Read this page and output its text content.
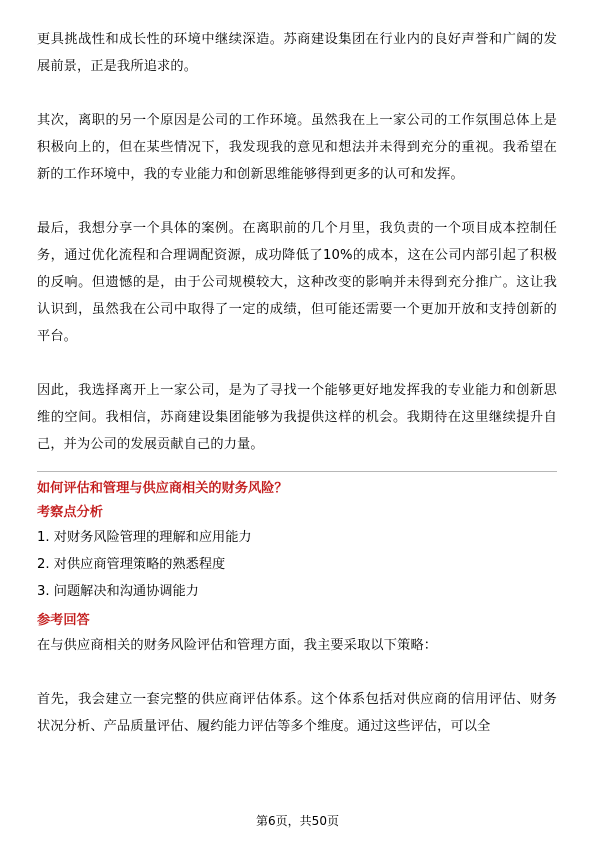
更具挑战性和成长性的环境中继续深造。苏商建设集团在行业内的良好声誉和广阔的发展前景，正是我所追求的。

其次，离职的另一个原因是公司的工作环境。虽然我在上一家公司的工作氛围总体上是积极向上的，但在某些情况下，我发现我的意见和想法并未得到充分的重视。我希望在新的工作环境中，我的专业能力和创新思维能够得到更多的认可和发挥。

最后，我想分享一个具体的案例。在离职前的几个月里，我负责的一个项目成本控制任务，通过优化流程和合理调配资源，成功降低了10%的成本，这在公司内部引起了积极的反响。但遗憾的是，由于公司规模较大，这种改变的影响并未得到充分推广。这让我认识到，虽然我在公司中取得了一定的成绩，但可能还需要一个更加开放和支持创新的平台。

因此，我选择离开上一家公司，是为了寻找一个能够更好地发挥我的专业能力和创新思维的空间。我相信，苏商建设集团能够为我提供这样的机会。我期待在这里继续提升自己，并为公司的发展贡献自己的力量。

如何评估和管理与供应商相关的财务风险？

考察点分析

1. 对财务风险管理的理解和应用能力
2. 对供应商管理策略的熟悉程度
3. 问题解决和沟通协调能力

参考回答

在与供应商相关的财务风险评估和管理方面，我主要采取以下策略：

首先，我会建立一套完整的供应商评估体系。这个体系包括对供应商的信用评估、财务状况分析、产品质量评估、履约能力评估等多个维度。通过这些评估，可以全

第6页，共50页
